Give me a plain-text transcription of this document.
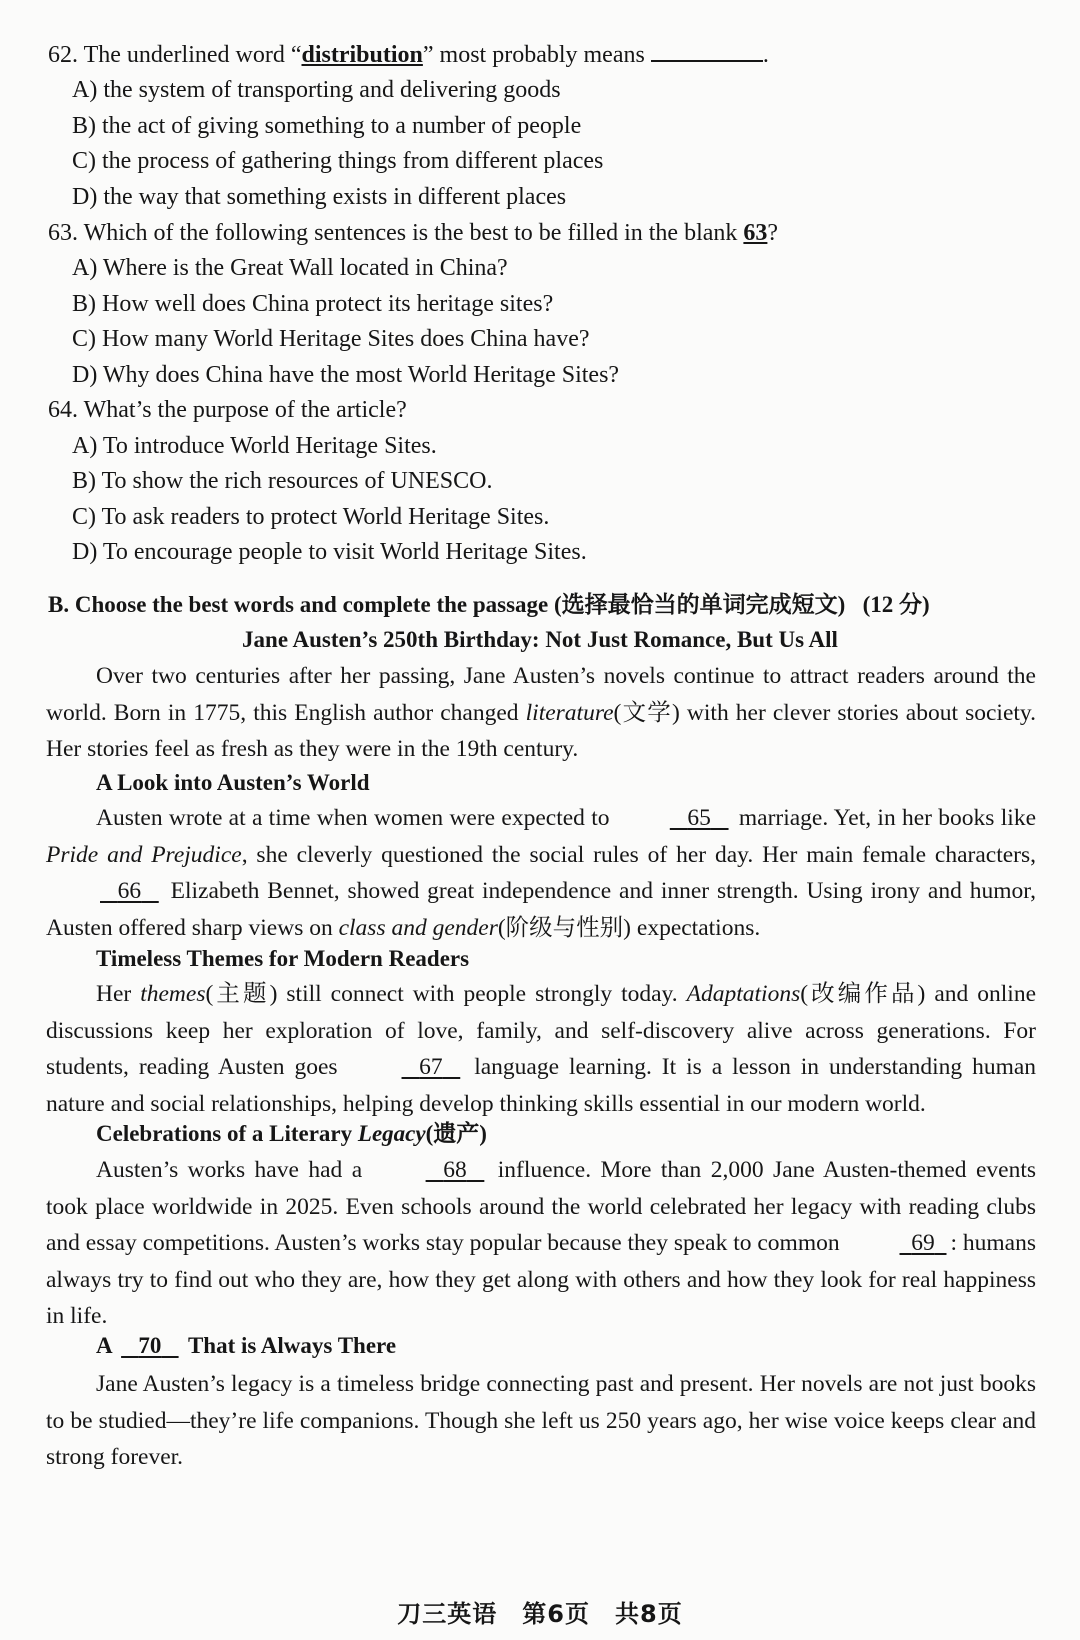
62. The underlined word “distribution” most probably means	.
A) the system of transporting and delivering goods
B) the act of giving something to a number of people
C) the process of gathering things from different places
D) the way that something exists in different places
63. Which of the following sentences is the best to be filled in the blank 63?
A) Where is the Great Wall located in China?
B) How well does China protect its heritage sites?
C) How many World Heritage Sites does China have?
D) Why does China have the most World Heritage Sites?
64. What’s the purpose of the article?
A) To introduce World Heritage Sites.
B) To show the rich resources of UNESCO.
C) To ask readers to protect World Heritage Sites.
D) To encourage people to visit World Heritage Sites.
B. Choose the best words and complete the passage (选择最恰当的单词完成短文) (12 分)
Jane Austen’s 250th Birthday: Not Just Romance, But Us All
Over two centuries after her passing, Jane Austen’s novels continue to attract readers around the world. Born in 1775, this English author changed literature(文学) with her clever stories about society. Her stories feel as fresh as they were in the 19th century.
A Look into Austen’s World
Austen wrote at a time when women were expected to	65 marriage. Yet, in her books like Pride and Prejudice, she cleverly questioned the social rules of her day. Her main female characters,    66 Elizabeth Bennet, showed great independence and inner strength. Using irony and humor, Austen offered sharp views on class and gender(阶级与性别) expectations.
Timeless Themes for Modern Readers
Her themes(主题) still connect with people strongly today. Adaptations(改编作品) and online discussions keep her exploration of love, family, and self-discovery alive across generations. For students, reading Austen goes	67 language learning. It is a lesson in understanding human nature and social relationships, helping develop thinking skills essential in our modern world.
Celebrations of a Literary Legacy(遗产)
Austen’s works have had a	68 influence. More than 2,000 Jane Austen-themed events took place worldwide in 2025. Even schools around the world celebrated her legacy with reading clubs and essay competitions. Austen’s works stay popular because they speak to common	69 : humans always try to find out who they are, how they get along with others and how they look for real happiness in life.
A 70 That is Always There
Jane Austen’s legacy is a timeless bridge connecting past and present. Her novels are not just books to be studied—they’re life companions. Though she left us 250 years ago, her wise voice keeps clear and strong forever.
刀三英语　第6页　共8页
